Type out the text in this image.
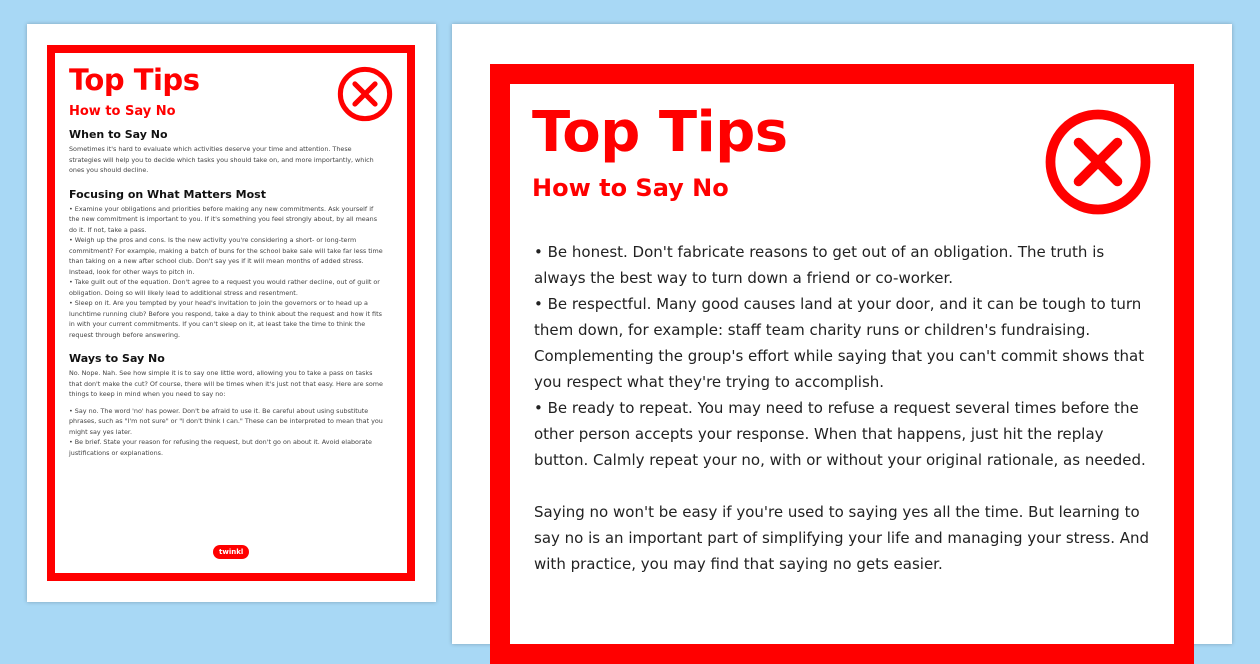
Top Tips
How to Say No
When to Say No

Sometimes it's hard to evaluate which activities deserve your time and attention. These strategies will help you to decide which tasks you should take on, and more importantly, which ones you should decline.

Focusing on What Matters Most

• Examine your obligations and priorities before making any new commitments. Ask yourself if the new commitment is important to you. If it's something you feel strongly about, by all means do it. If not, take a pass.

• Weigh up the pros and cons. Is the new activity you're considering a short- or long-term commitment? For example, making a batch of buns for the school bake sale will take far less time than taking on a new after school club. Don't say yes if it will mean months of added stress. Instead, look for other ways to pitch in.

• Take guilt out of the equation. Don't agree to a request you would rather decline, out of guilt or obligation. Doing so will likely lead to additional stress and resentment.

• Sleep on it. Are you tempted by your head's invitation to join the governors or to head up a lunchtime running club? Before you respond, take a day to think about the request and how it fits in with your current commitments. If you can't sleep on it, at least take the time to think the request through before answering.

Ways to Say No

No. Nope. Nah. See how simple it is to say one little word, allowing you to take a pass on tasks that don't make the cut? Of course, there will be times when it's just not that easy. Here are some things to keep in mind when you need to say no:

• Say no. The word 'no' has power. Don't be afraid to use it. Be careful about using substitute phrases, such as "I'm not sure" or "I don't think I can." These can be interpreted to mean that you might say yes later.

• Be brief. State your reason for refusing the request, but don't go on about it. Avoid elaborate justifications or explanations.

twinkl
Top Tips
How to Say No

• Be honest. Don't fabricate reasons to get out of an obligation. The truth is always the best way to turn down a friend or co-worker.

• Be respectful. Many good causes land at your door, and it can be tough to turn them down, for example: staff team charity runs or children's fundraising. Complementing the group's effort while saying that you can't commit shows that you respect what they're trying to accomplish.

• Be ready to repeat. You may need to refuse a request several times before the other person accepts your response. When that happens, just hit the replay button. Calmly repeat your no, with or without your original rationale, as needed.

Saying no won't be easy if you're used to saying yes all the time. But learning to say no is an important part of simplifying your life and managing your stress. And with practice, you may find that saying no gets easier.
